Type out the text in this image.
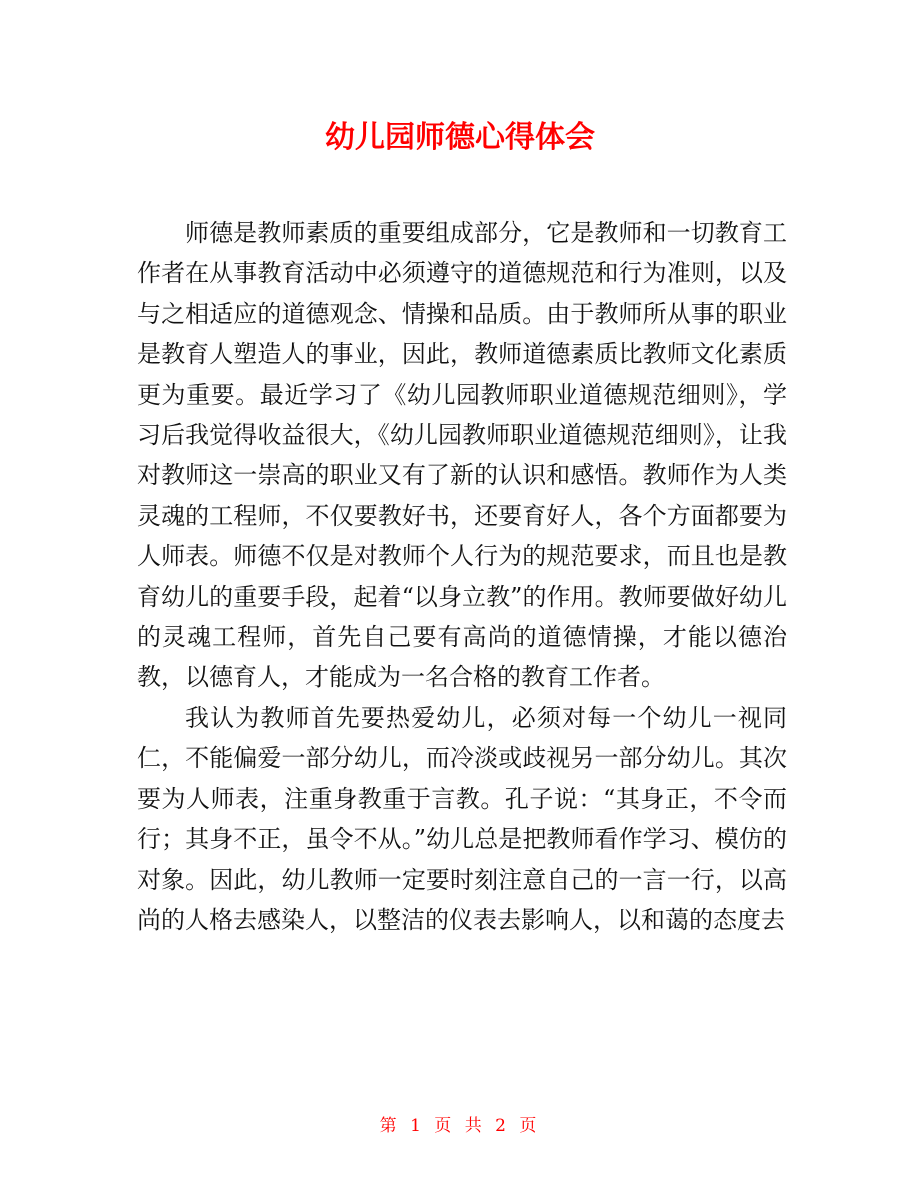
幼儿园师德心得体会

师德是教师素质的重要组成部分，它是教师和一切教育工作者在从事教育活动中必须遵守的道德规范和行为准则，以及与之相适应的道德观念、情操和品质。由于教师所从事的职业是教育人塑造人的事业，因此，教师道德素质比教师文化素质更为重要。最近学习了《幼儿园教师职业道德规范细则》，学习后我觉得收益很大，《幼儿园教师职业道德规范细则》，让我对教师这一崇高的职业又有了新的认识和感悟。教师作为人类灵魂的工程师，不仅要教好书，还要育好人，各个方面都要为人师表。师德不仅是对教师个人行为的规范要求，而且也是教育幼儿的重要手段，起着“以身立教”的作用。教师要做好幼儿的灵魂工程师，首先自己要有高尚的道德情操，才能以德治教，以德育人，才能成为一名合格的教育工作者。

我认为教师首先要热爱幼儿，必须对每一个幼儿一视同仁，不能偏爱一部分幼儿，而冷淡或歧视另一部分幼儿。其次要为人师表，注重身教重于言教。孔子说：“其身正，不令而行；其身不正，虽令不从。”幼儿总是把教师看作学习、模仿的对象。因此，幼儿教师一定要时刻注意自己的一言一行，以高尚的人格去感染人，以整洁的仪表去影响人，以和蔼的态度去

第 1 页 共 2 页
